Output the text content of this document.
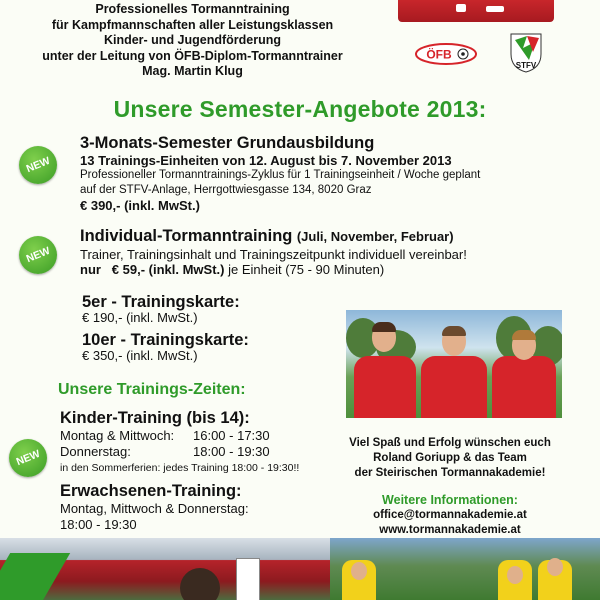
Professionelles Tormanntraining
für Kampfmannschaften aller Leistungsklassen
Kinder- und Jugendförderung
unter der Leitung von ÖFB-Diplom-Tormanntrainer
Mag. Martin Klug
ÖFB
STFV
Unsere Semester-Angebote 2013:
NEW
3-Monats-Semester Grundausbildung
13 Trainings-Einheiten von 12. August bis 7. November 2013
Professioneller Tormanntrainings-Zyklus für 1 Trainingseinheit / Woche geplant
auf der STFV-Anlage, Herrgottwiesgasse 134, 8020 Graz
€ 390,- (inkl. MwSt.)
NEW
Individual-Tormanntraining (Juli, November, Februar)
Trainer, Trainingsinhalt und Trainingszeitpunkt individuell vereinbar!
nur € 59,- (inkl. MwSt.) je Einheit (75 - 90 Minuten)
5er - Trainingskarte:
€ 190,- (inkl. MwSt.)
10er - Trainingskarte:
€ 350,- (inkl. MwSt.)
Unsere Trainings-Zeiten:
NEW
Kinder-Training (bis 14):
Montag & Mittwoch: 16:00 - 17:30
Donnerstag:	18:00 - 19:30
in den Sommerferien: jedes Training 18:00 - 19:30!!
Erwachsenen-Training:
Montag, Mittwoch & Donnerstag:
18:00 - 19:30
Viel Spaß und Erfolg wünschen euch
Roland Goriupp & das Team
der Steirischen Tormannakademie!
Weitere Informationen:
office@tormannakademie.at
www.tormannakademie.at
